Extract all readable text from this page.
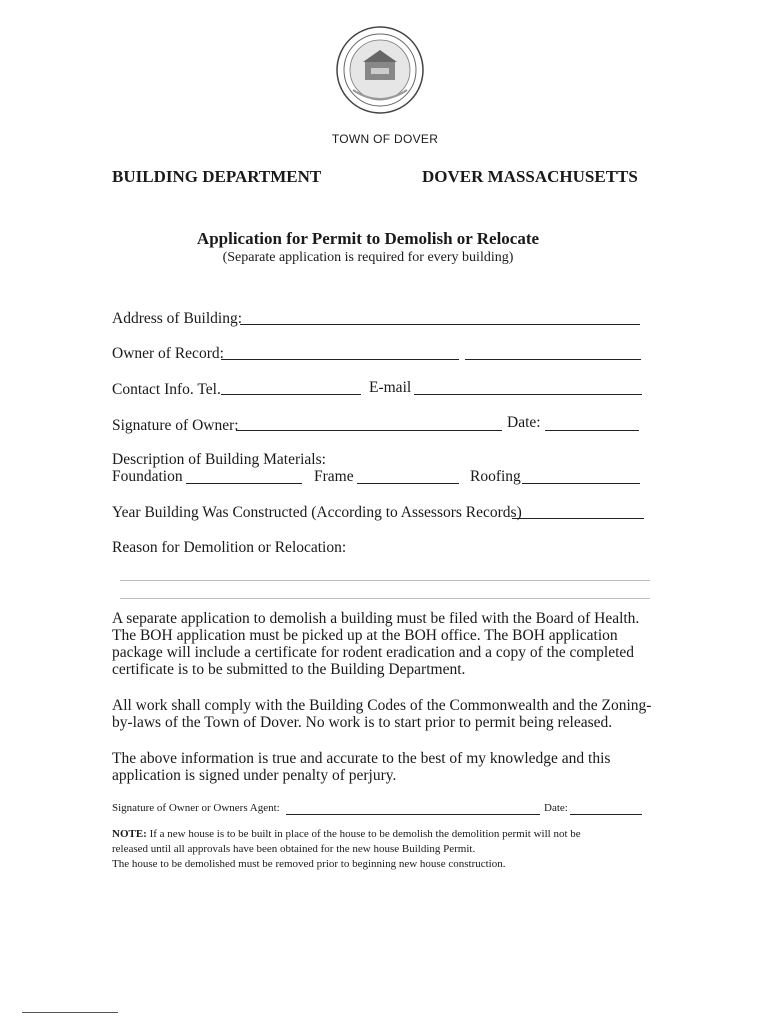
TOWN OF DOVER
BUILDING DEPARTMENT	DOVER MASSACHUSETTS
Application for Permit to Demolish or Relocate
(Separate application is required for every building)
Address of Building:
Owner of Record:
Contact Info. Tel.	E-mail
Signature of Owner:	Date:
Description of Building Materials:
Foundation	Frame	Roofing
Year Building Was Constructed (According to Assessors Records)
Reason for Demolition or Relocation:
A separate application to demolish a building must be filed with the Board of Health. The BOH application must be picked up at the BOH office. The BOH application package will include a certificate for rodent eradication and a copy of the completed certificate is to be submitted to the Building Department.
All work shall comply with the Building Codes of the Commonwealth and the Zoning-by-laws of the Town of Dover. No work is to start prior to permit being released.
The above information is true and accurate to the best of my knowledge and this application is signed under penalty of perjury.
Signature of Owner or Owners Agent:	Date:
NOTE: If a new house is to be built in place of the house to be demolish the demolition permit will not be
released until all approvals have been obtained for the new house Building Permit.
The house to be demolished must be removed prior to beginning new house construction.
